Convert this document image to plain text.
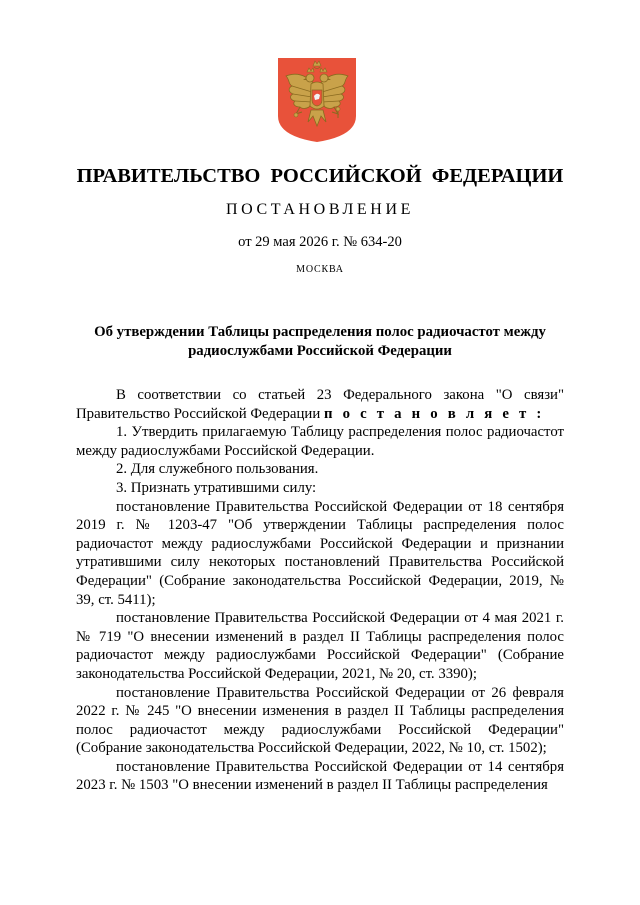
ПРАВИТЕЛЬСТВО РОССИЙСКОЙ ФЕДЕРАЦИИ
ПОСТАНОВЛЕНИЕ
от 29 мая 2026 г. № 634-20
МОСКВА
Об утверждении Таблицы распределения полос радиочастот между радиослужбами Российской Федерации

В соответствии со статьей 23 Федерального закона "О связи" Правительство Российской Федерации п о с т а н о в л я е т :

1. Утвердить прилагаемую Таблицу распределения полос радиочастот между радиослужбами Российской Федерации.

2. Для служебного пользования.

3. Признать утратившими силу:

постановление Правительства Российской Федерации от 18 сентября 2019 г. № 1203-47 "Об утверждении Таблицы распределения полос радиочастот между радиослужбами Российской Федерации и признании утратившими силу некоторых постановлений Правительства Российской Федерации" (Собрание законодательства Российской Федерации, 2019, № 39, ст. 5411);

постановление Правительства Российской Федерации от 4 мая 2021 г. № 719 "О внесении изменений в раздел II Таблицы распределения полос радиочастот между радиослужбами Российской Федерации" (Собрание законодательства Российской Федерации, 2021, № 20, ст. 3390);

постановление Правительства Российской Федерации от 26 февраля 2022 г. № 245 "О внесении изменения в раздел II Таблицы распределения полос радиочастот между радиослужбами Российской Федерации" (Собрание законодательства Российской Федерации, 2022, № 10, ст. 1502);

постановление Правительства Российской Федерации от 14 сентября 2023 г. № 1503 "О внесении изменений в раздел II Таблицы распределения
